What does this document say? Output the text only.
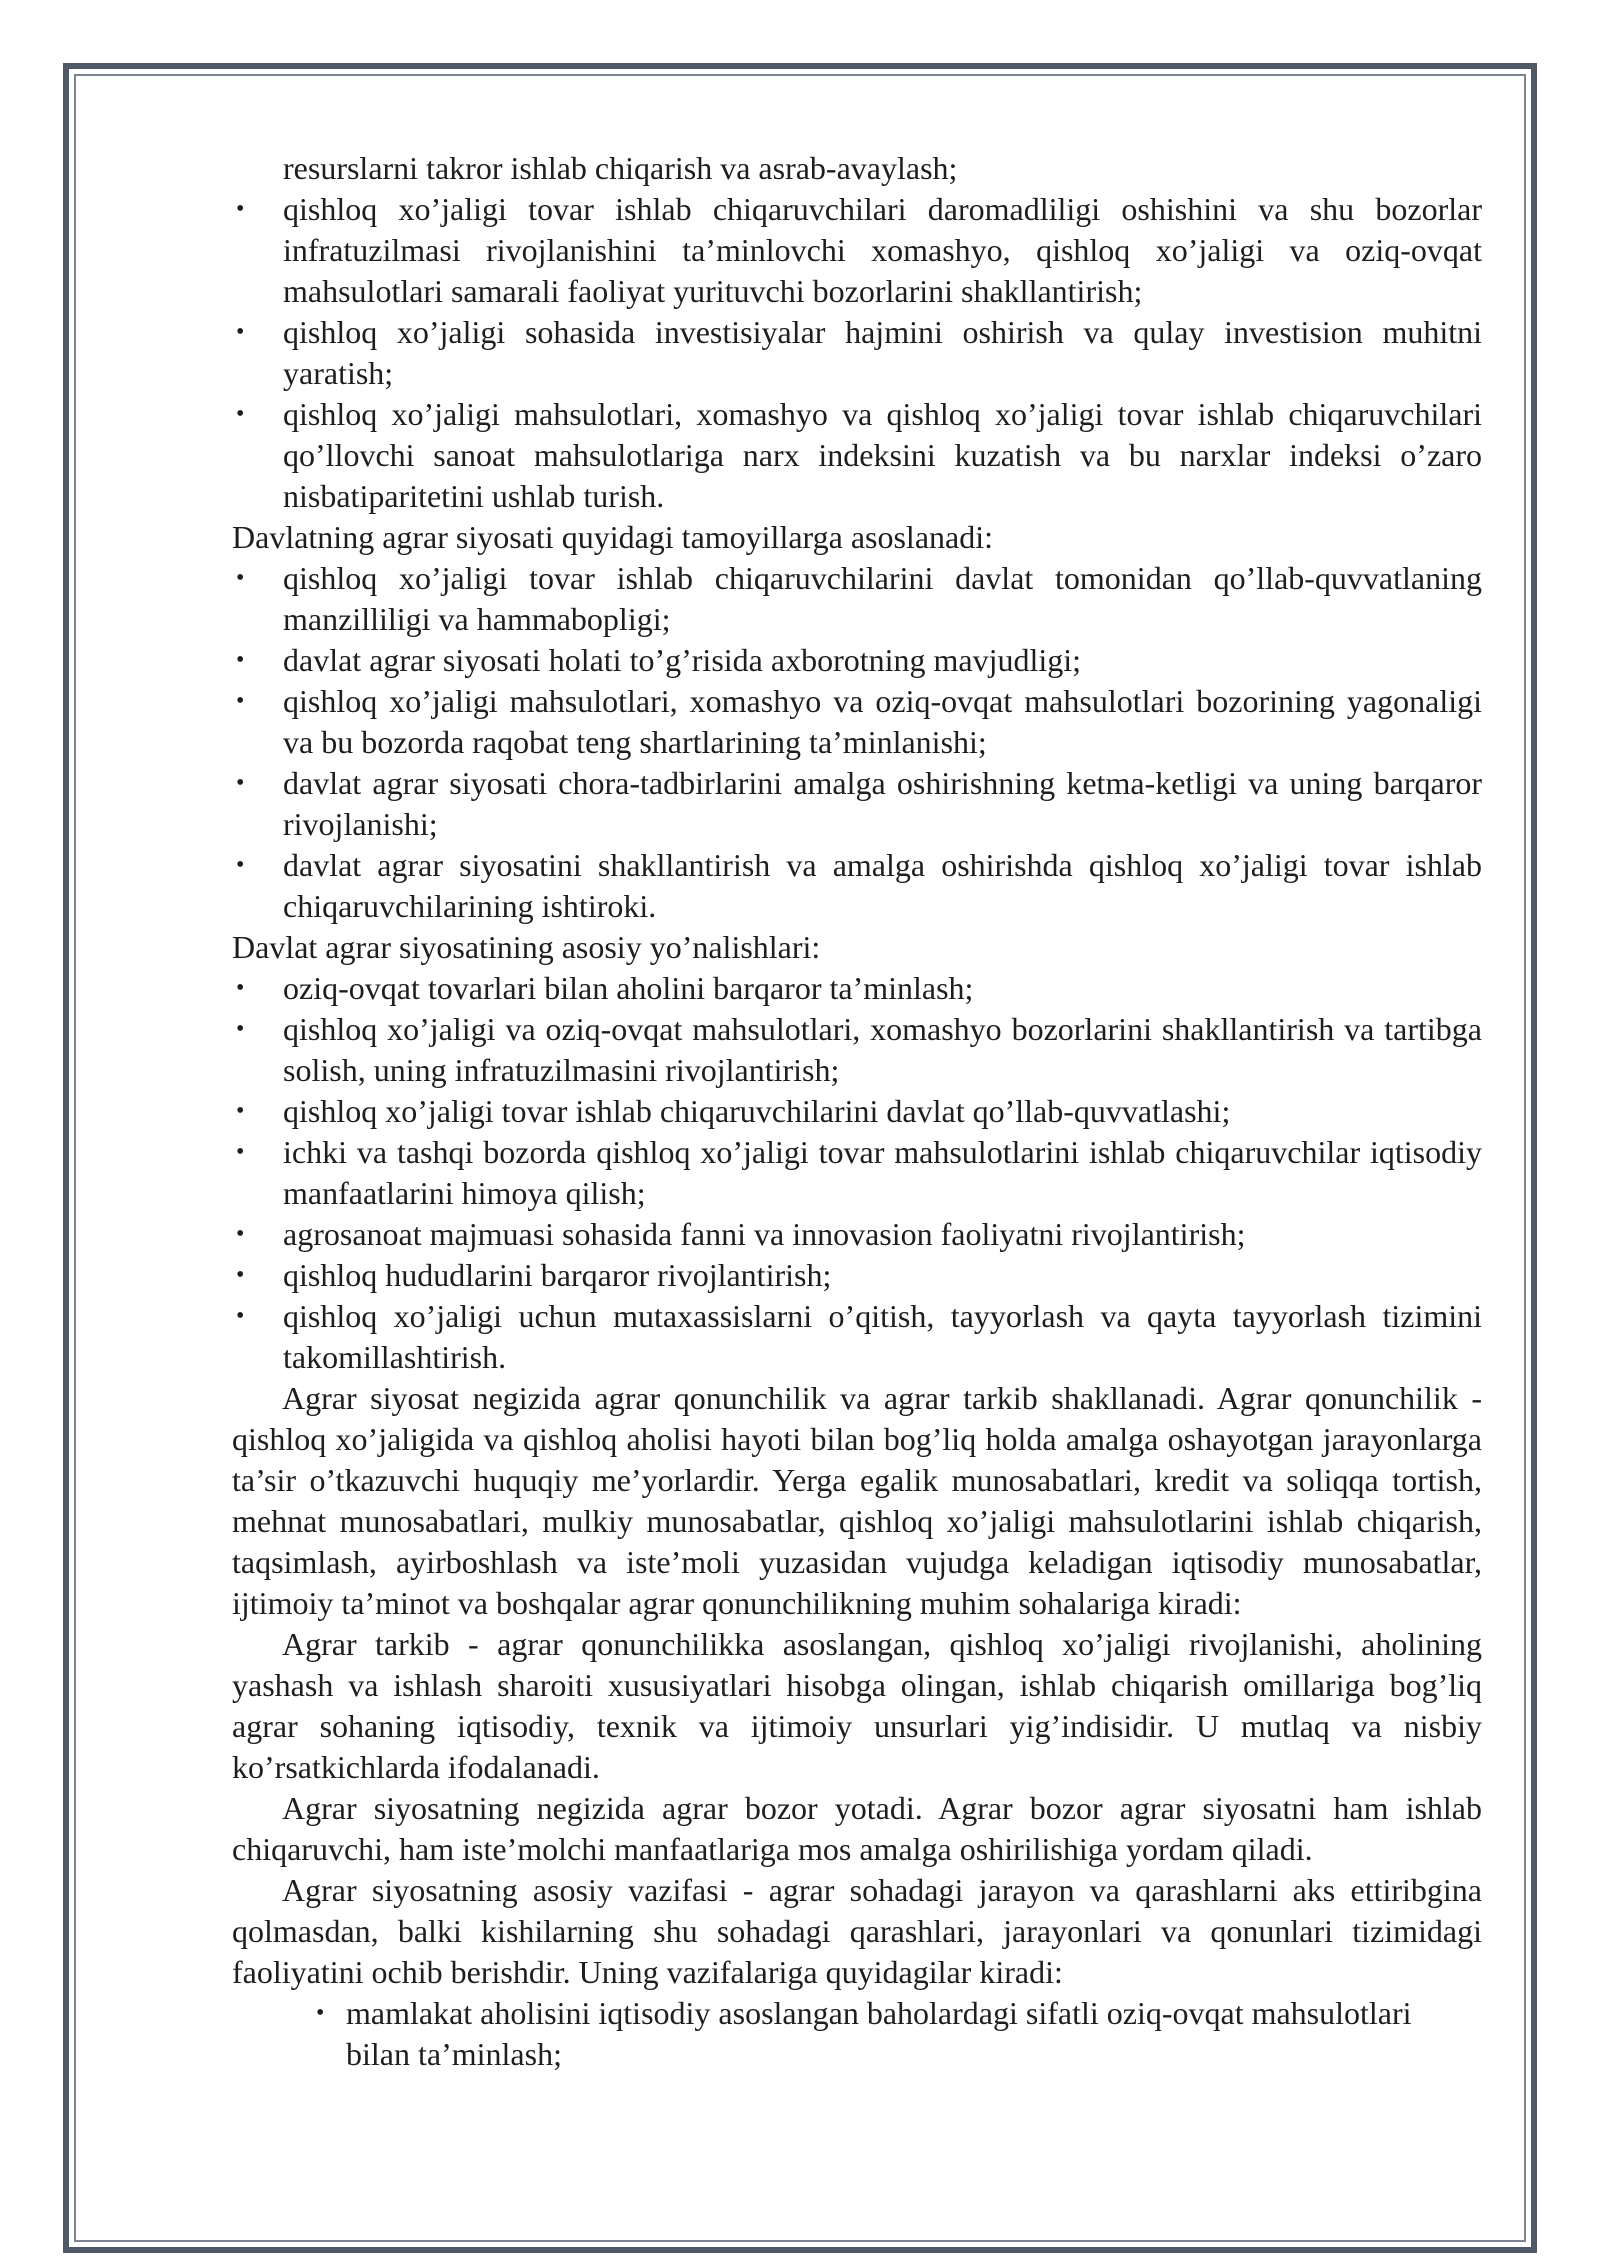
resurslarni takror ishlab chiqarish va asrab-avaylash;

• qishloq xo’jaligi tovar ishlab chiqaruvchilari daromadliligi oshishini va shu bozorlar infratuzilmasi rivojlanishini ta’minlovchi xomashyo, qishloq xo’jaligi va oziq-ovqat mahsulotlari samarali faoliyat yurituvchi bozorlarini shakllantirish;
• qishloq xo’jaligi sohasida investisiyalar hajmini oshirish va qulay investision muhitni yaratish;
• qishloq xo’jaligi mahsulotlari, xomashyo va qishloq xo’jaligi tovar ishlab chiqaruvchilari qo’llovchi sanoat mahsulotlariga narx indeksini kuzatish va bu narxlar indeksi o’zaro nisbatiparitetini ushlab turish.

Davlatning agrar siyosati quyidagi tamoyillarga asoslanadi:

• qishloq xo’jaligi tovar ishlab chiqaruvchilarini davlat tomonidan qo’llab-quvvatlaning manzilliligi va hammabopligi;
• davlat agrar siyosati holati to’g’risida axborotning mavjudligi;
• qishloq xo’jaligi mahsulotlari, xomashyo va oziq-ovqat mahsulotlari bozorining yagonaligi va bu bozorda raqobat teng shartlarining ta’minlanishi;
• davlat agrar siyosati chora-tadbirlarini amalga oshirishning ketma-ketligi va uning barqaror rivojlanishi;
• davlat agrar siyosatini shakllantirish va amalga oshirishda qishloq xo’jaligi tovar ishlab chiqaruvchilarining ishtiroki.

Davlat agrar siyosatining asosiy yo’nalishlari:

• oziq-ovqat tovarlari bilan aholini barqaror ta’minlash;
• qishloq xo’jaligi va oziq-ovqat mahsulotlari, xomashyo bozorlarini shakllantirish va tartibga solish, uning infratuzilmasini rivojlantirish;
• qishloq xo’jaligi tovar ishlab chiqaruvchilarini davlat qo’llab-quvvatlashi;
• ichki va tashqi bozorda qishloq xo’jaligi tovar mahsulotlarini ishlab chiqaruvchilar iqtisodiy manfaatlarini himoya qilish;
• agrosanoat majmuasi sohasida fanni va innovasion faoliyatni rivojlantirish;
• qishloq hududlarini barqaror rivojlantirish;
• qishloq xo’jaligi uchun mutaxassislarni o’qitish, tayyorlash va qayta tayyorlash tizimini takomillashtirish.

Agrar siyosat negizida agrar qonunchilik va agrar tarkib shakllanadi. Agrar qonunchilik - qishloq xo’jaligida va qishloq aholisi hayoti bilan bog’liq holda amalga oshayotgan jarayonlarga ta’sir o’tkazuvchi huquqiy me’yorlardir. Yerga egalik munosabatlari, kredit va soliqqa tortish, mehnat munosabatlari, mulkiy munosabatlar, qishloq xo’jaligi mahsulotlarini ishlab chiqarish, taqsimlash, ayirboshlash va iste’moli yuzasidan vujudga keladigan iqtisodiy munosabatlar, ijtimoiy ta’minot va boshqalar agrar qonunchilikning muhim sohalariga kiradi:

Agrar tarkib - agrar qonunchilikka asoslangan, qishloq xo’jaligi rivojlanishi, aholining yashash va ishlash sharoiti xususiyatlari hisobga olingan, ishlab chiqarish omillariga bog’liq agrar sohaning iqtisodiy, texnik va ijtimoiy unsurlari yig’indisidir. U mutlaq va nisbiy ko’rsatkichlarda ifodalanadi.

Agrar siyosatning negizida agrar bozor yotadi. Agrar bozor agrar siyosatni ham ishlab chiqaruvchi, ham iste’molchi manfaatlariga mos amalga oshirilishiga yordam qiladi.

Agrar siyosatning asosiy vazifasi - agrar sohadagi jarayon va qarashlarni aks ettiribgina qolmasdan, balki kishilarning shu sohadagi qarashlari, jarayonlari va qonunlari tizimidagi faoliyatini ochib berishdir. Uning vazifalariga quyidagilar kiradi:

• mamlakat aholisini iqtisodiy asoslangan baholardagi sifatli oziq-ovqat mahsulotlari bilan ta’minlash;
